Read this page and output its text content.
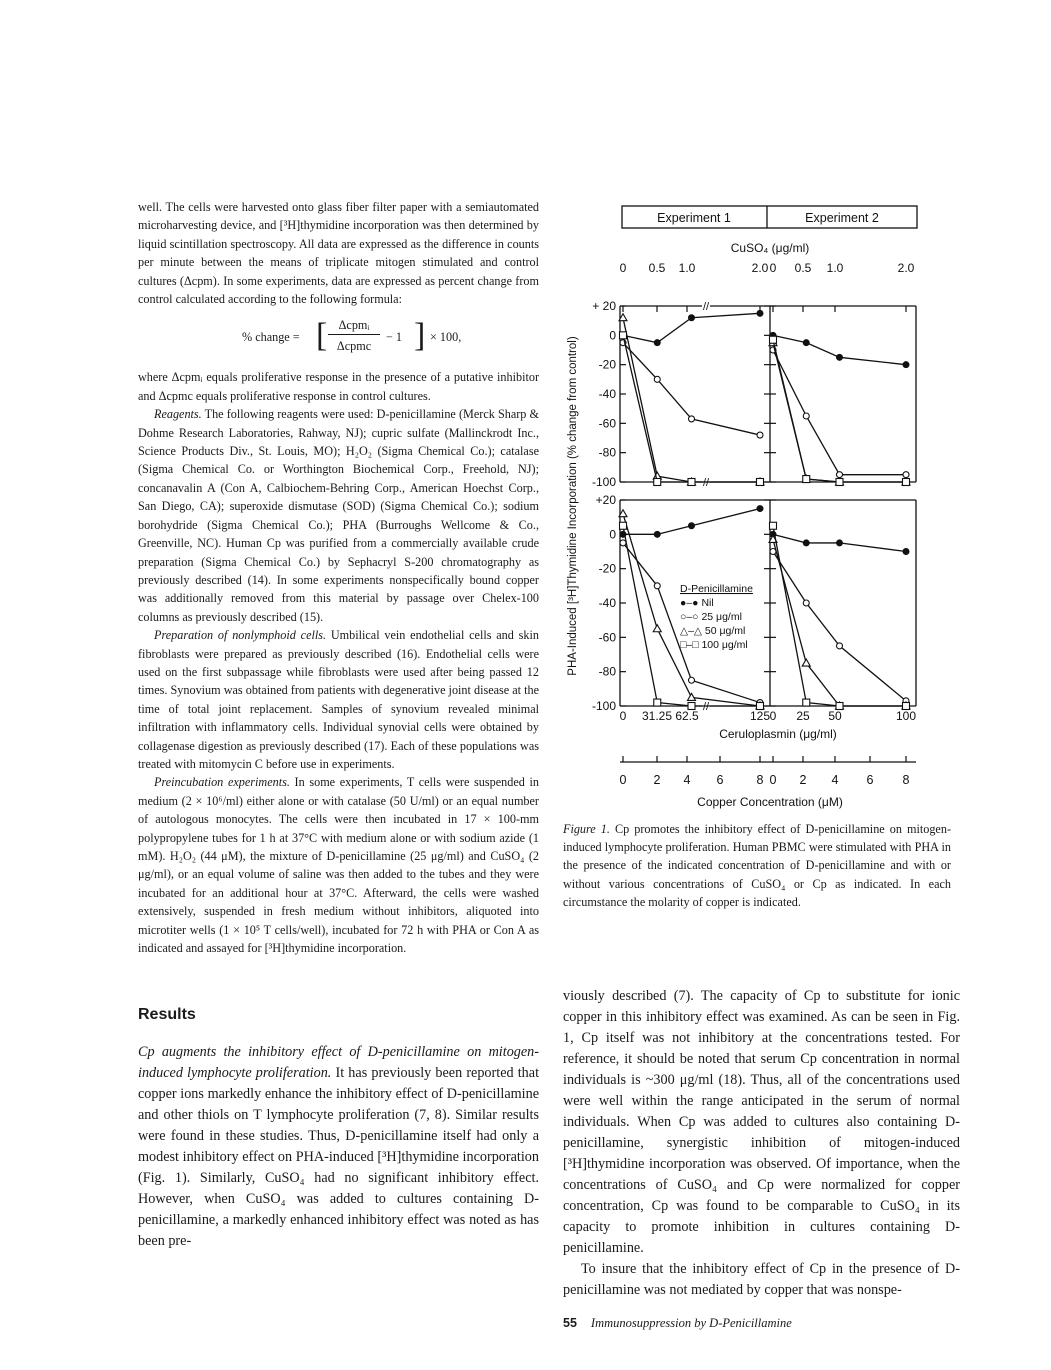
well. The cells were harvested onto glass fiber filter paper with a semiautomated microharvesting device, and [³H]thymidine incorporation was then determined by liquid scintillation spectroscopy. All data are expressed as the difference in counts per minute between the means of triplicate mitogen stimulated and control cultures (Δcpm). In some experiments, data are expressed as percent change from control calculated according to the following formula:

% change = [ Δcpmᵢ
Δcpmc
− 1 ] × 100,

where Δcpmᵢ equals proliferative response in the presence of a putative inhibitor and Δcpmc equals proliferative response in control cultures.

Reagents. The following reagents were used: D-penicillamine (Merck Sharp & Dohme Research Laboratories, Rahway, NJ); cupric sulfate (Mallinckrodt Inc., Science Products Div., St. Louis, MO); H₂O₂ (Sigma Chemical Co.); catalase (Sigma Chemical Co. or Worthington Biochemical Corp., Freehold, NJ); concanavalin A (Con A, Calbiochem-Behring Corp., American Hoechst Corp., San Diego, CA); superoxide dismutase (SOD) (Sigma Chemical Co.); sodium borohydride (Sigma Chemical Co.); PHA (Burroughs Wellcome & Co., Greenville, NC). Human Cp was purified from a commercially available crude preparation (Sigma Chemical Co.) by Sephacryl S-200 chromatography as previously described (14). In some experiments nonspecifically bound copper was additionally removed from this material by passage over Chelex-100 columns as previously described (15).

Preparation of nonlymphoid cells. Umbilical vein endothelial cells and skin fibroblasts were prepared as previously described (16). Endothelial cells were used on the first subpassage while fibroblasts were used after being passed 12 times. Synovium was obtained from patients with degenerative joint disease at the time of total joint replacement. Samples of synovium revealed minimal infiltration with inflammatory cells. Individual synovial cells were obtained by collagenase digestion as previously described (17). Each of these populations was treated with mitomycin C before use in experiments.

Preincubation experiments. In some experiments, T cells were suspended in medium (2 × 10⁶/ml) either alone or with catalase (50 U/ml) or an equal number of autologous monocytes. The cells were then incubated in 17 × 100-mm polypropylene tubes for 1 h at 37°C with medium alone or with sodium azide (1 mM). H₂O₂ (44 μM), the mixture of D-penicillamine (25 μg/ml) and CuSO₄ (2 μg/ml), or an equal volume of saline was then added to the tubes and they were incubated for an additional hour at 37°C. Afterward, the cells were washed extensively, suspended in fresh medium without inhibitors, aliquoted into microtiter wells (1 × 10⁵ T cells/well), incubated for 72 h with PHA or Con A as indicated and assayed for [³H]thymidine incorporation.

Results

Cp augments the inhibitory effect of D-penicillamine on mitogen-induced lymphocyte proliferation. It has previously been reported that copper ions markedly enhance the inhibitory effect of D-penicillamine and other thiols on T lymphocyte proliferation (7, 8). Similar results were found in these studies. Thus, D-penicillamine itself had only a modest inhibitory effect on PHA-induced [³H]thymidine incorporation (Fig. 1). Similarly, CuSO₄ had no significant inhibitory effect. However, when CuSO₄ was added to cultures containing D-penicillamine, a markedly enhanced inhibitory effect was noted as has been pre-

Experiment 1	Experiment 2
CuSO₄ (μg/ml)
0 0.5 1.0	2.0 0 0.5 1.0	2.0
//
//
//
+ 20
0
-20
-40
-60
-80
-100
+20
0
-20
-40
-60
-80
-100
PHA-Induced [³H]Thymidine Incorporation (% change from control)
0 31.25 62.5	125 0 25 50	100
Ceruloplasmin (μg/ml)
0 2 4 6	8 0 2 4 6 8
Copper Concentration (μM)
D-Penicillamine
●–● Nil
○–○ 25 μg/ml
△–△ 50 μg/ml
□–□ 100 μg/ml
Figure 1. Cp promotes the inhibitory effect of D-penicillamine on mitogen-induced lymphocyte proliferation. Human PBMC were stimulated with PHA in the presence of the indicated concentration of D-penicillamine and with or without various concentrations of CuSO₄ or Cp as indicated. In each circumstance the molarity of copper is indicated.

viously described (7). The capacity of Cp to substitute for ionic copper in this inhibitory effect was examined. As can be seen in Fig. 1, Cp itself was not inhibitory at the concentrations tested. For reference, it should be noted that serum Cp concentration in normal individuals is ~300 μg/ml (18). Thus, all of the concentrations used were well within the range anticipated in the serum of normal individuals. When Cp was added to cultures also containing D-penicillamine, synergistic inhibition of mitogen-induced [³H]thymidine incorporation was observed. Of importance, when the concentrations of CuSO₄ and Cp were normalized for copper concentration, Cp was found to be comparable to CuSO₄ in its capacity to promote inhibition in cultures containing D-penicillamine.

To insure that the inhibitory effect of Cp in the presence of D-penicillamine was not mediated by copper that was nonspe-

55 Immunosuppression by D-Penicillamine
